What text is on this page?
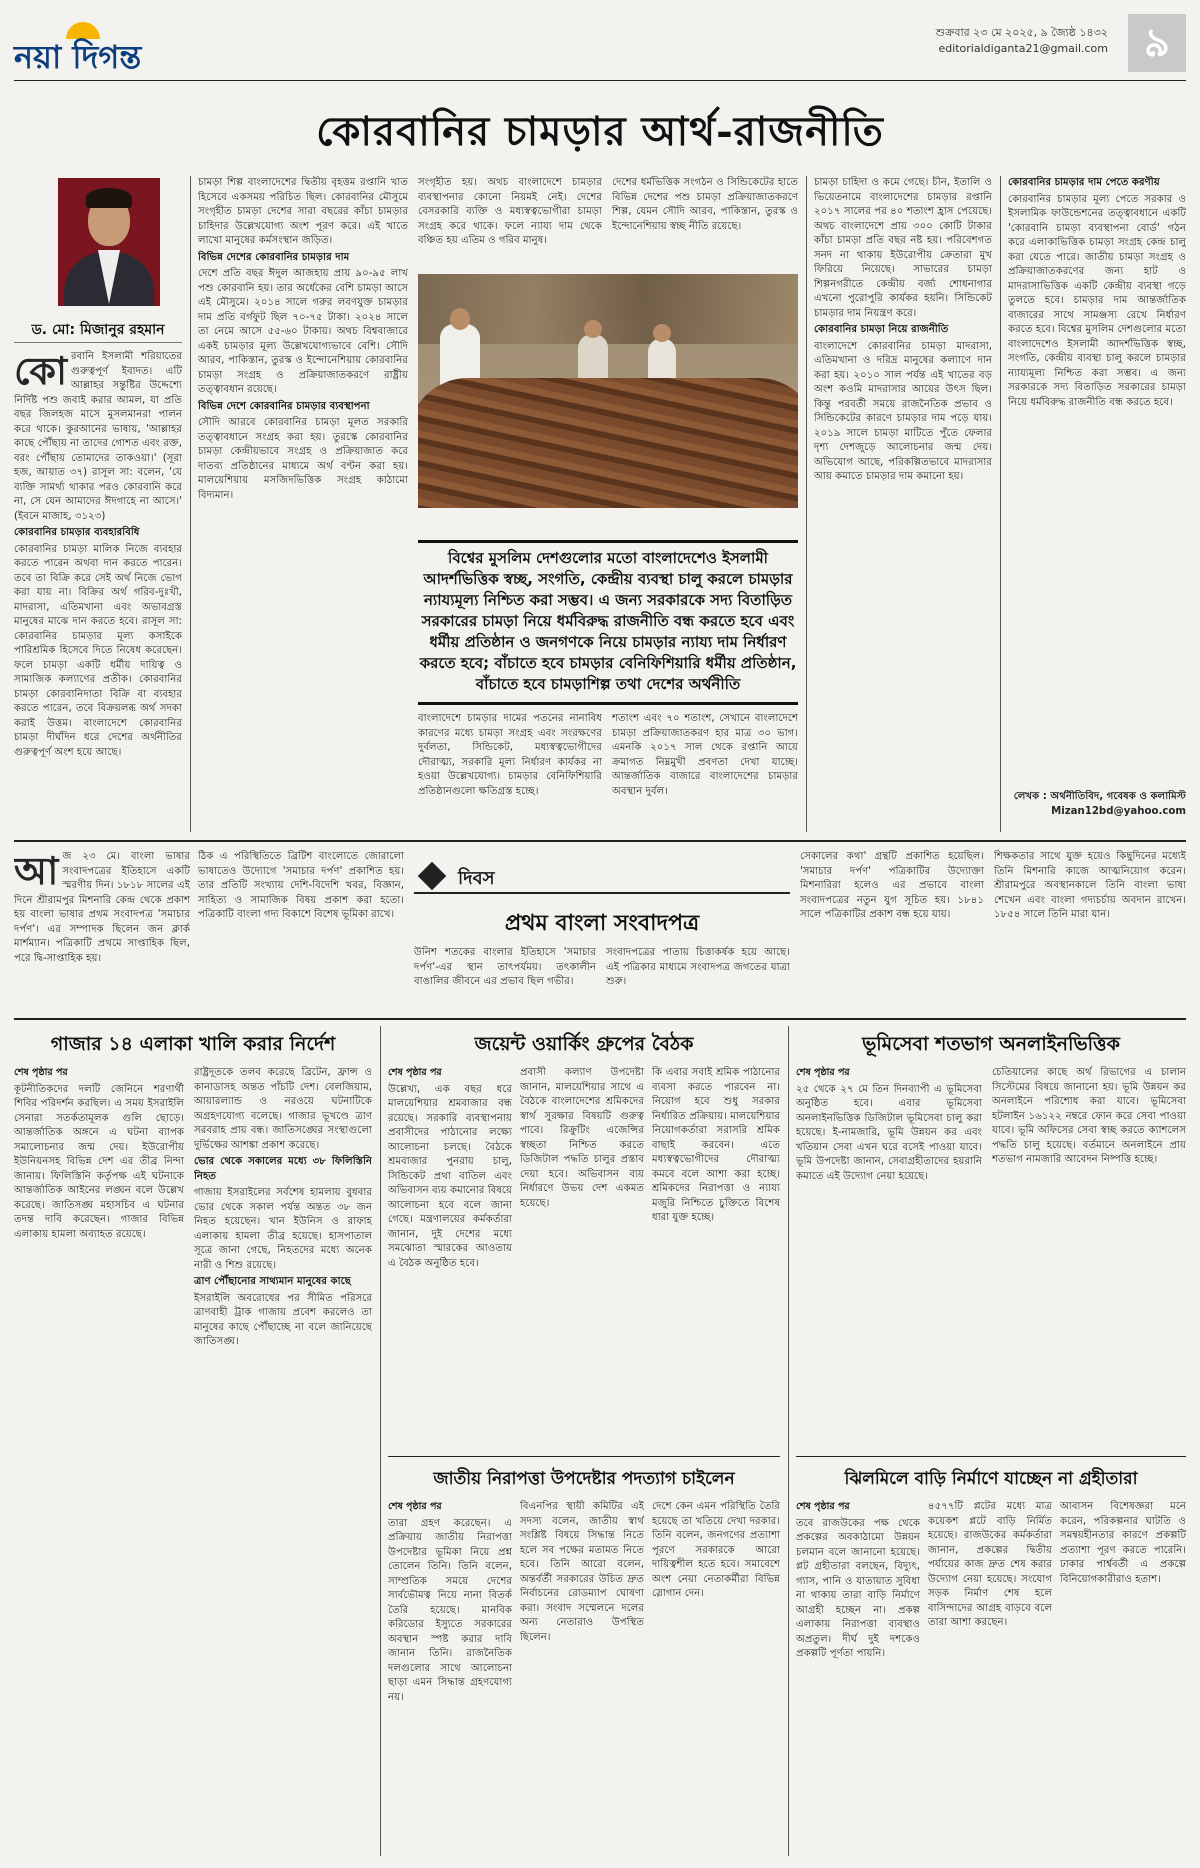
নয়া দিগন্ত
শুক্রবার ২৩ মে ২০২৫, ৯ জ্যৈষ্ঠ ১৪৩২
editorialdiganta21@gmail.com ৯
কোরবানির চামড়ার আর্থ-রাজনীতি
ড. মো: মিজানুর রহমান

কোরবানি ইসলামী শরিয়াতের গুরুত্বপূর্ণ ইবাদত। এটি আল্লাহর সন্তুষ্টির উদ্দেশ্যে নির্দিষ্ট পশু জবাই করার আমল, যা প্রতি বছর জিলহজ মাসে মুসলমানরা পালন করে থাকে। কুরআনের ভাষায়, 'আল্লাহর কাছে পৌঁছায় না তাদের গোশত এবং রক্ত, বরং পৌঁছায় তোমাদের তাকওয়া।' (সূরা হজ, আয়াত ৩৭) রাসূল সা: বলেন, 'যে ব্যক্তি সামর্থ্য থাকার পরও কোরবানি করে না, সে যেন আমাদের ঈদগাহে না আসে।' (ইবনে মাজাহ, ৩১২৩)

কোরবানির চামড়ার ব্যবহারবিধি

কোরবানির চামড়া মালিক নিজে ব্যবহার করতে পারেন অথবা দান করতে পারেন। তবে তা বিক্রি করে সেই অর্থ নিজে ভোগ করা যায় না। বিক্রির অর্থ গরিব-দুঃখী, মাদরাসা, এতিমখানা এবং অভাবগ্রস্ত মানুষের মাঝে দান করতে হবে। রাসূল সা: কোরবানির চামড়ার মূল্য কসাইকে পারিশ্রমিক হিসেবে দিতে নিষেধ করেছেন। ফলে চামড়া একটি ধর্মীয় দায়িত্ব ও সামাজিক কল্যাণের প্রতীক। কোরবানির চামড়া কোরবানিদাতা বিক্রি বা ব্যবহার করতে পারেন, তবে বিক্রয়লব্ধ অর্থ সদকা করাই উত্তম। বাংলাদেশে কোরবানির চামড়া দীর্ঘদিন ধরে দেশের অর্থনীতির গুরুত্বপূর্ণ অংশ হয়ে আছে।

চামড়া শিল্প বাংলাদেশের দ্বিতীয় বৃহত্তম রপ্তানি খাত হিসেবে একসময় পরিচিত ছিল। কোরবানির মৌসুমে সংগৃহীত চামড়া দেশের সারা বছরের কাঁচা চামড়ার চাহিদার উল্লেখযোগ্য অংশ পূরণ করে। এই খাতে লাখো মানুষের কর্মসংস্থান জড়িত।

বিভিন্ন দেশের কোরবানির চামড়ার দাম

দেশে প্রতি বছর ঈদুল আজহায় প্রায় ৯০-৯৫ লাখ পশু কোরবানি হয়। তার অর্ধেকের বেশি চামড়া আসে এই মৌসুমে। ২০১৪ সালে গরুর লবণযুক্ত চামড়ার দাম প্রতি বর্গফুট ছিল ৭০-৭৫ টাকা। ২০২৪ সালে তা নেমে আসে ৫৫-৬০ টাকায়। অথচ বিশ্ববাজারে একই চামড়ার মূল্য উল্লেখযোগ্যভাবে বেশি। সৌদি আরব, পাকিস্তান, তুরস্ক ও ইন্দোনেশিয়ায় কোরবানির চামড়া সংগ্রহ ও প্রক্রিয়াজাতকরণে রাষ্ট্রীয় তত্ত্বাবধান রয়েছে।

বিভিন্ন দেশে কোরবানির চামড়ার ব্যবস্থাপনা

সৌদি আরবে কোরবানির চামড়া মূলত সরকারি তত্ত্বাবধানে সংগ্রহ করা হয়। তুরস্কে কোরবানির চামড়া কেন্দ্রীয়ভাবে সংগ্রহ ও প্রক্রিয়াজাত করে দাতব্য প্রতিষ্ঠানের মাধ্যমে অর্থ বণ্টন করা হয়। মালয়েশিয়ায় মসজিদভিত্তিক সংগ্রহ কাঠামো বিদ্যমান।

সংগৃহীত হয়। অথচ বাংলাদেশে চামড়ার ব্যবস্থাপনার কোনো নিয়মই নেই। দেশের বেসরকারি ব্যক্তি ও মধ্যস্বত্বভোগীরা চামড়া সংগ্রহ করে থাকে। ফলে ন্যায্য দাম থেকে বঞ্চিত হয় এতিম ও গরিব মানুষ।

দেশের ধর্মভিত্তিক সংগঠন ও সিন্ডিকেটের হাতে বিভিন্ন দেশের পশু চামড়া প্রক্রিয়াজাতকরণে শিল্প, যেমন সৌদি আরব, পাকিস্তান, তুরস্ক ও ইন্দোনেশিয়ায় স্বচ্ছ নীতি রয়েছে।

বিশ্বের মুসলিম দেশগুলোর মতো বাংলাদেশেও ইসলামী আদর্শভিত্তিক স্বচ্ছ, সংগতি, কেন্দ্রীয় ব্যবস্থা চালু করলে চামড়ার ন্যায্যমূল্য নিশ্চিত করা সম্ভব। এ জন্য সরকারকে সদ্য বিতাড়িত সরকারের চামড়া নিয়ে ধর্মবিরুদ্ধ রাজনীতি বন্ধ করতে হবে এবং ধর্মীয় প্রতিষ্ঠান ও জনগণকে নিয়ে চামড়ার ন্যায্য দাম নির্ধারণ করতে হবে; বাঁচাতে হবে চামড়ার বেনিফিশিয়ারি ধর্মীয় প্রতিষ্ঠান, বাঁচাতে হবে চামড়াশিল্প তথা দেশের অর্থনীতি

বাংলাদেশে চামড়ার দামের পতনের নানাবিধ কারণের মধ্যে চামড়া সংগ্রহ এবং সংরক্ষণের দুর্বলতা, সিন্ডিকেট, মধ্যস্বত্বভোগীদের দৌরাত্ম্য, সরকারি মূল্য নির্ধারণ কার্যকর না হওয়া উল্লেখযোগ্য। চামড়ার বেনিফিশিয়ারি প্রতিষ্ঠানগুলো ক্ষতিগ্রস্ত হচ্ছে।

শতাংশ এবং ৭০ শতাংশ, সেখানে বাংলাদেশে চামড়া প্রক্রিয়াজাতকরণ হার মাত্র ৩০ ভাগ। এমনকি ২০১৭ সাল থেকে রপ্তানি আয়ে ক্রমাগত নিম্নমুখী প্রবণতা দেখা যাচ্ছে। আন্তর্জাতিক বাজারে বাংলাদেশের চামড়ার অবস্থান দুর্বল।

চামড়া চাহিদা ও কমে গেছে। চীন, ইতালি ও ভিয়েতনামে বাংলাদেশের চামড়ার রপ্তানি ২০১৭ সালের পর ৪০ শতাংশ হ্রাস পেয়েছে। অথচ বাংলাদেশে প্রায় ৩০০ কোটি টাকার কাঁচা চামড়া প্রতি বছর নষ্ট হয়। পরিবেশগত সনদ না থাকায় ইউরোপীয় ক্রেতারা মুখ ফিরিয়ে নিয়েছে। সাভারের চামড়া শিল্পনগরীতে কেন্দ্রীয় বর্জ্য শোধনাগার এখনো পুরোপুরি কার্যকর হয়নি। সিন্ডিকেট চামড়ার দাম নিয়ন্ত্রণ করে।

কোরবানির চামড়া নিয়ে রাজনীতি

বাংলাদেশে কোরবানির চামড়া মাদরাসা, এতিমখানা ও দরিদ্র মানুষের কল্যাণে দান করা হয়। ২০১০ সাল পর্যন্ত এই খাতের বড় অংশ কওমি মাদরাসার আয়ের উৎস ছিল। কিন্তু পরবর্তী সময়ে রাজনৈতিক প্রভাব ও সিন্ডিকেটের কারণে চামড়ার দাম পড়ে যায়। ২০১৯ সালে চামড়া মাটিতে পুঁতে ফেলার দৃশ্য দেশজুড়ে আলোচনার জন্ম দেয়। অভিযোগ আছে, পরিকল্পিতভাবে মাদরাসার আয় কমাতে চামড়ার দাম কমানো হয়।

কোরবানির চামড়ার দাম পেতে করণীয়

কোরবানির চামড়ার মূল্য পেতে সরকার ও ইসলামিক ফাউন্ডেশনের তত্ত্বাবধানে একটি 'কোরবানি চামড়া ব্যবস্থাপনা বোর্ড' গঠন করে এলাকাভিত্তিক চামড়া সংগ্রহ কেন্দ্র চালু করা যেতে পারে। জাতীয় চামড়া সংগ্রহ ও প্রক্রিয়াজাতকরণের জন্য হাট ও মাদরাসাভিত্তিক একটি কেন্দ্রীয় ব্যবস্থা গড়ে তুলতে হবে। চামড়ার দাম আন্তর্জাতিক বাজারের সাথে সামঞ্জস্য রেখে নির্ধারণ করতে হবে। বিশ্বের মুসলিম দেশগুলোর মতো বাংলাদেশেও ইসলামী আদর্শভিত্তিক স্বচ্ছ, সংগতি, কেন্দ্রীয় ব্যবস্থা চালু করলে চামড়ার ন্যায্যমূল্য নিশ্চিত করা সম্ভব। এ জন্য সরকারকে সদ্য বিতাড়িত সরকারের চামড়া নিয়ে ধর্মবিরুদ্ধ রাজনীতি বন্ধ করতে হবে।

লেখক : অর্থনীতিবিদ, গবেষক ও কলামিস্ট
Mizan12bd@yahoo.com

আজ ২৩ মে। বাংলা ভাষার সংবাদপত্রের ইতিহাসে একটি স্মরণীয় দিন। ১৮১৮ সালের এই দিনে শ্রীরামপুর মিশনারি কেন্দ্র থেকে প্রকাশ হয় বাংলা ভাষার প্রথম সংবাদপত্র 'সমাচার দর্পণ'। এর সম্পাদক ছিলেন জন ক্লার্ক মার্শম্যান। পত্রিকাটি প্রথমে সাপ্তাহিক ছিল, পরে দ্বি-সাপ্তাহিক হয়।

ঠিক এ পরিস্থিতিতে ব্রিটিশ বাংলোতে জোরালো ভাষাতেও উদ্যোগে 'সমাচার দর্পণ' প্রকাশিত হয়। তার প্রতিটি সংখ্যায় দেশি-বিদেশি খবর, বিজ্ঞান, সাহিত্য ও সামাজিক বিষয় প্রকাশ করা হতো। পত্রিকাটি বাংলা গদ্য বিকাশে বিশেষ ভূমিকা রাখে।

দিবস
প্রথম বাংলা সংবাদপত্র

উনিশ শতকের বাংলার ইতিহাসে 'সমাচার দর্পণ'-এর স্থান তাৎপর্যময়। তৎকালীন বাঙালির জীবনে এর প্রভাব ছিল গভীর।

সংবাদপত্রের পাতায় চিত্তাকর্ষক হয়ে আছে। এই পত্রিকার মাধ্যমে সংবাদপত্র জগতের যাত্রা শুরু।

সেকালের কথা' গ্রন্থটি প্রকাশিত হয়েছিল। 'সমাচার দর্পণ' পত্রিকাটির উদ্যোক্তা মিশনারিরা হলেও এর প্রভাবে বাংলা সংবাদপত্রের নতুন যুগ সূচিত হয়। ১৮৪১ সালে পত্রিকাটির প্রকাশ বন্ধ হয়ে যায়।

শিক্ষকতার সাথে যুক্ত হয়েও কিছুদিনের মধ্যেই তিনি মিশনারি কাজে আত্মনিয়োগ করেন। শ্রীরামপুরে অবস্থানকালে তিনি বাংলা ভাষা শেখেন এবং বাংলা গদ্যচর্চায় অবদান রাখেন। ১৮৫৪ সালে তিনি মারা যান।

গাজার ১৪ এলাকা খালি করার নির্দেশ

শেষ পৃষ্ঠার পর

কূটনীতিকদের দলটি জেনিনে শরণার্থী শিবির পরিদর্শন করছিল। এ সময় ইসরাইলি সেনারা সতর্কতামূলক গুলি ছোড়ে। আন্তর্জাতিক অঙ্গনে এ ঘটনা ব্যাপক সমালোচনার জন্ম দেয়। ইউরোপীয় ইউনিয়নসহ বিভিন্ন দেশ এর তীব্র নিন্দা জানায়। ফিলিস্তিনি কর্তৃপক্ষ এই ঘটনাকে আন্তর্জাতিক আইনের লঙ্ঘন বলে উল্লেখ করেছে। জাতিসঙ্ঘ মহাসচিব এ ঘটনার তদন্ত দাবি করেছেন। গাজার বিভিন্ন এলাকায় হামলা অব্যাহত রয়েছে।

রাষ্ট্রদূতকে তলব করেছে ব্রিটেন, ফ্রান্স ও কানাডাসহ অন্তত পাঁচটি দেশ। বেলজিয়াম, আয়ারল্যান্ড ও নরওয়ে ঘটনাটিকে অগ্রহণযোগ্য বলেছে। গাজার ভূখণ্ডে ত্রাণ সরবরাহ প্রায় বন্ধ। জাতিসঙ্ঘের সংস্থাগুলো দুর্ভিক্ষের আশঙ্কা প্রকাশ করেছে।

ভোর থেকে সকালের মধ্যে ৩৮ ফিলিস্তিনি নিহত

গাজায় ইসরাইলের সর্বশেষ হামলায় বুধবার ভোর থেকে সকাল পর্যন্ত অন্তত ৩৮ জন নিহত হয়েছেন। খান ইউনিস ও রাফাহ এলাকায় হামলা তীব্র হয়েছে। হাসপাতাল সূত্রে জানা গেছে, নিহতদের মধ্যে অনেক নারী ও শিশু রয়েছে।

ত্রাণ পৌঁছানোর সাথ্যমান মানুষের কাছে

ইসরাইলি অবরোধের পর সীমিত পরিসরে ত্রাণবাহী ট্রাক গাজায় প্রবেশ করলেও তা মানুষের কাছে পৌঁছাচ্ছে না বলে জানিয়েছে জাতিসঙ্ঘ।

জয়েন্ট ওয়ার্কিং গ্রুপের বৈঠক

শেষ পৃষ্ঠার পর

উল্লেখ্য, এক বছর ধরে মালয়েশিয়ার শ্রমবাজার বন্ধ রয়েছে। সরকারি ব্যবস্থাপনায় প্রবাসীদের পাঠানোর লক্ষ্যে আলোচনা চলছে। বৈঠকে শ্রমবাজার পুনরায় চালু, সিন্ডিকেট প্রথা বাতিল এবং অভিবাসন ব্যয় কমানোর বিষয়ে আলোচনা হবে বলে জানা গেছে। মন্ত্রণালয়ের কর্মকর্তারা জানান, দুই দেশের মধ্যে সমঝোতা স্মারকের আওতায় এ বৈঠক অনুষ্ঠিত হবে।

প্রবাসী কল্যাণ উপদেষ্টা জানান, মালয়েশিয়ার সাথে এ বৈঠকে বাংলাদেশের শ্রমিকদের স্বার্থ সুরক্ষার বিষয়টি গুরুত্ব পাবে। রিক্রুটিং এজেন্সির স্বচ্ছতা নিশ্চিত করতে ডিজিটাল পদ্ধতি চালুর প্রস্তাব দেয়া হবে। অভিবাসন ব্যয় নির্ধারণে উভয় দেশ একমত হয়েছে।

কি এবার সবাই শ্রমিক পাঠানোর ব্যবসা করতে পারবেন না। নিয়োগ হবে শুধু সরকার নির্ধারিত প্রক্রিয়ায়। মালয়েশিয়ার নিয়োগকর্তারা সরাসরি শ্রমিক বাছাই করবেন। এতে মধ্যস্বত্বভোগীদের দৌরাত্ম্য কমবে বলে আশা করা হচ্ছে। শ্রমিকদের নিরাপত্তা ও ন্যায্য মজুরি নিশ্চিতে চুক্তিতে বিশেষ ধারা যুক্ত হচ্ছে।

ভূমিসেবা শতভাগ অনলাইনভিত্তিক

শেষ পৃষ্ঠার পর

২৫ থেকে ২৭ মে তিন দিনব্যাপী এ ভূমিসেবা অনুষ্ঠিত হবে। এবার ভূমিসেবা অনলাইনভিত্তিক ডিজিটাল ভূমিসেবা চালু করা হয়েছে। ই-নামজারি, ভূমি উন্নয়ন কর এবং খতিয়ান সেবা এখন ঘরে বসেই পাওয়া যাবে। ভূমি উপদেষ্টা জানান, সেবাগ্রহীতাদের হয়রানি কমাতে এই উদ্যোগ নেয়া হয়েছে।

চেতিয়ালের কাছে অর্থ রিভাগের এ চালান সিস্টেমের বিষয়ে জানানো হয়। ভূমি উন্নয়ন কর অনলাইনে পরিশোধ করা যাবে। ভূমিসেবা হটলাইন ১৬১২২ নম্বরে ফোন করে সেবা পাওয়া যাবে। ভূমি অফিসের সেবা স্বচ্ছ করতে ক্যাশলেস পদ্ধতি চালু হয়েছে। বর্তমানে অনলাইনে প্রায় শতভাগ নামজারি আবেদন নিষ্পত্তি হচ্ছে।

জাতীয় নিরাপত্তা উপদেষ্টার পদত্যাগ চাইলেন

শেষ পৃষ্ঠার পর

তারা গ্রহণ করেছেন। এ প্রক্রিয়ায় জাতীয় নিরাপত্তা উপদেষ্টার ভূমিকা নিয়ে প্রশ্ন তোলেন তিনি। তিনি বলেন, সাম্প্রতিক সময়ে দেশের সার্বভৌমত্ব নিয়ে নানা বিতর্ক তৈরি হয়েছে। মানবিক করিডোর ইস্যুতে সরকারের অবস্থান স্পষ্ট করার দাবি জানান তিনি। রাজনৈতিক দলগুলোর সাথে আলোচনা ছাড়া এমন সিদ্ধান্ত গ্রহণযোগ্য নয়।

বিএনপির স্থায়ী কমিটির এই সদস্য বলেন, জাতীয় স্বার্থ সংশ্লিষ্ট বিষয়ে সিদ্ধান্ত নিতে হলে সব পক্ষের মতামত নিতে হবে। তিনি আরো বলেন, অন্তর্বর্তী সরকারের উচিত দ্রুত নির্বাচনের রোডম্যাপ ঘোষণা করা। সংবাদ সম্মেলনে দলের অন্য নেতারাও উপস্থিত ছিলেন।

দেশে কেন এমন পরিস্থিতি তৈরি হয়েছে তা খতিয়ে দেখা দরকার। তিনি বলেন, জনগণের প্রত্যাশা পূরণে সরকারকে আরো দায়িত্বশীল হতে হবে। সমাবেশে অংশ নেয়া নেতাকর্মীরা বিভিন্ন স্লোগান দেন।

ঝিলমিলে বাড়ি নির্মাণে যাচ্ছেন না গ্রহীতারা

শেষ পৃষ্ঠার পর

তবে রাজউকের পক্ষ থেকে প্রকল্পের অবকাঠামো উন্নয়ন চলমান বলে জানানো হয়েছে। প্লট গ্রহীতারা বলছেন, বিদ্যুৎ, গ্যাস, পানি ও যাতায়াত সুবিধা না থাকায় তারা বাড়ি নির্মাণে আগ্রহী হচ্ছেন না। প্রকল্প এলাকায় নিরাপত্তা ব্যবস্থাও অপ্রতুল। দীর্ঘ দুই দশকেও প্রকল্পটি পূর্ণতা পায়নি।

৪৫৭৭টি প্লটের মধ্যে মাত্র কয়েকশ প্লটে বাড়ি নির্মিত হয়েছে। রাজউকের কর্মকর্তারা জানান, প্রকল্পের দ্বিতীয় পর্যায়ের কাজ দ্রুত শেষ করার উদ্যোগ নেয়া হয়েছে। সংযোগ সড়ক নির্মাণ শেষ হলে বাসিন্দাদের আগ্রহ বাড়বে বলে তারা আশা করছেন।

আবাসন বিশেষজ্ঞরা মনে করেন, পরিকল্পনার ঘাটতি ও সমন্বয়হীনতার কারণে প্রকল্পটি প্রত্যাশা পূরণ করতে পারেনি। ঢাকার পার্শ্ববর্তী এ প্রকল্পে বিনিয়োগকারীরাও হতাশ।
